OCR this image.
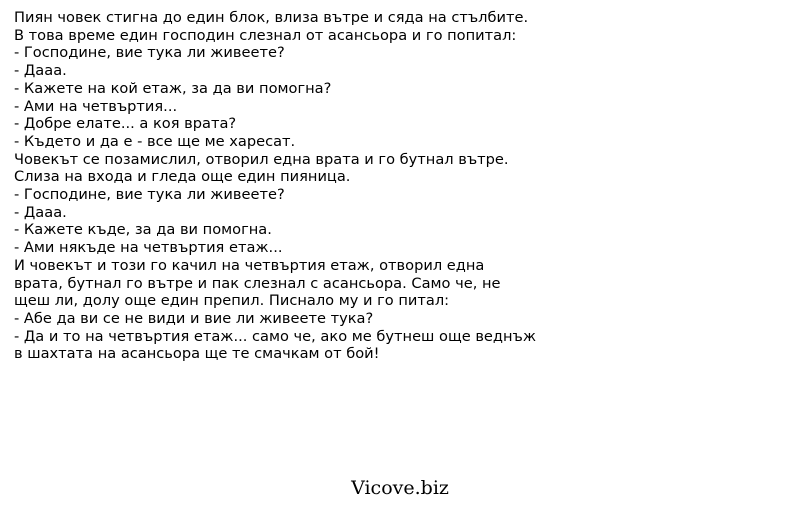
Пиян човек стигна до един блок, влиза вътре и сяда на стълбите.
В това време един господин слезнал от асансьора и го попитал:
- Господине, вие тука ли живеете?
- Дааа.
- Кажете на кой етаж, за да ви помогна?
- Ами на четвъртия...
- Добре елате... а коя врата?
- Където и да е - все ще ме харесат.
Човекът се позамислил, отворил една врата и го бутнал вътре.
Слиза на входа и гледа още един пияница.
- Господине, вие тука ли живеете?
- Дааа.
- Кажете къде, за да ви помогна.
- Ами някъде на четвъртия етаж...
И човекът и този го качил на четвъртия етаж, отворил една
врата, бутнал го вътре и пак слезнал с асансьора. Само че, не
щеш ли, долу още един препил. Пиcнало му и го питал:
- Абе да ви се не види и вие ли живеете тука?
- Да и то на четвъртия етаж... само че, ако ме бутнеш още веднъж
в шахтата на асансьора ще те смачкам от бой!
Vicove.biz
